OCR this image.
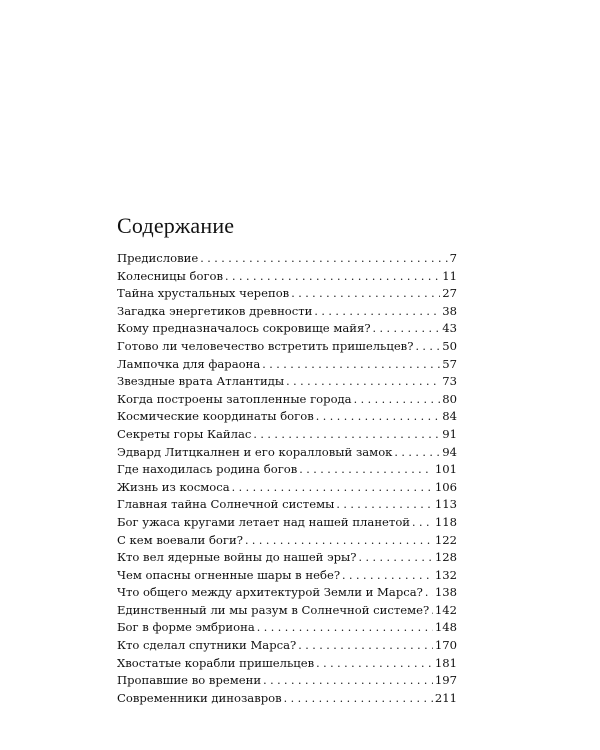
Содержание
Предисловие . . .	7
Колесницы богов . . .	11
Тайна хрустальных черепов . . .	27
Загадка энергетиков древности . . .	38
Кому предназначалось сокровище майя? . . .	43
Готово ли человечество встретить пришельцев? . . . 50
Лампочка для фараона . . .	57
Звездные врата Атлантиды . . .	73
Когда построены затопленные города . . .	80
Космические координаты богов . . .	84
Секреты горы Кайлас . . .	91
Эдвард Литцкалнен и его коралловый замок . . .	94
Где находилась родина богов . . .	101
Жизнь из космоса . . .	106
Главная тайна Солнечной системы . . .	113
Бог ужаса кругами летает над нашей планетой . . . 118
С кем воевали боги? . . .	122
Кто вел ядерные войны до нашей эры? . . .	128
Чем опасны огненные шары в небе? . . .	132
Что общего между архитектурой Земли и Марса? . . . 138
Единственный ли мы разум в Солнечной системе? . . . 142
Бог в форме эмбриона . . .	148
Кто сделал спутники Марса? . . .	170
Хвостатые корабли пришельцев . . .	181
Пропавшие во времени . . .	197
Современники динозавров . . .	211
